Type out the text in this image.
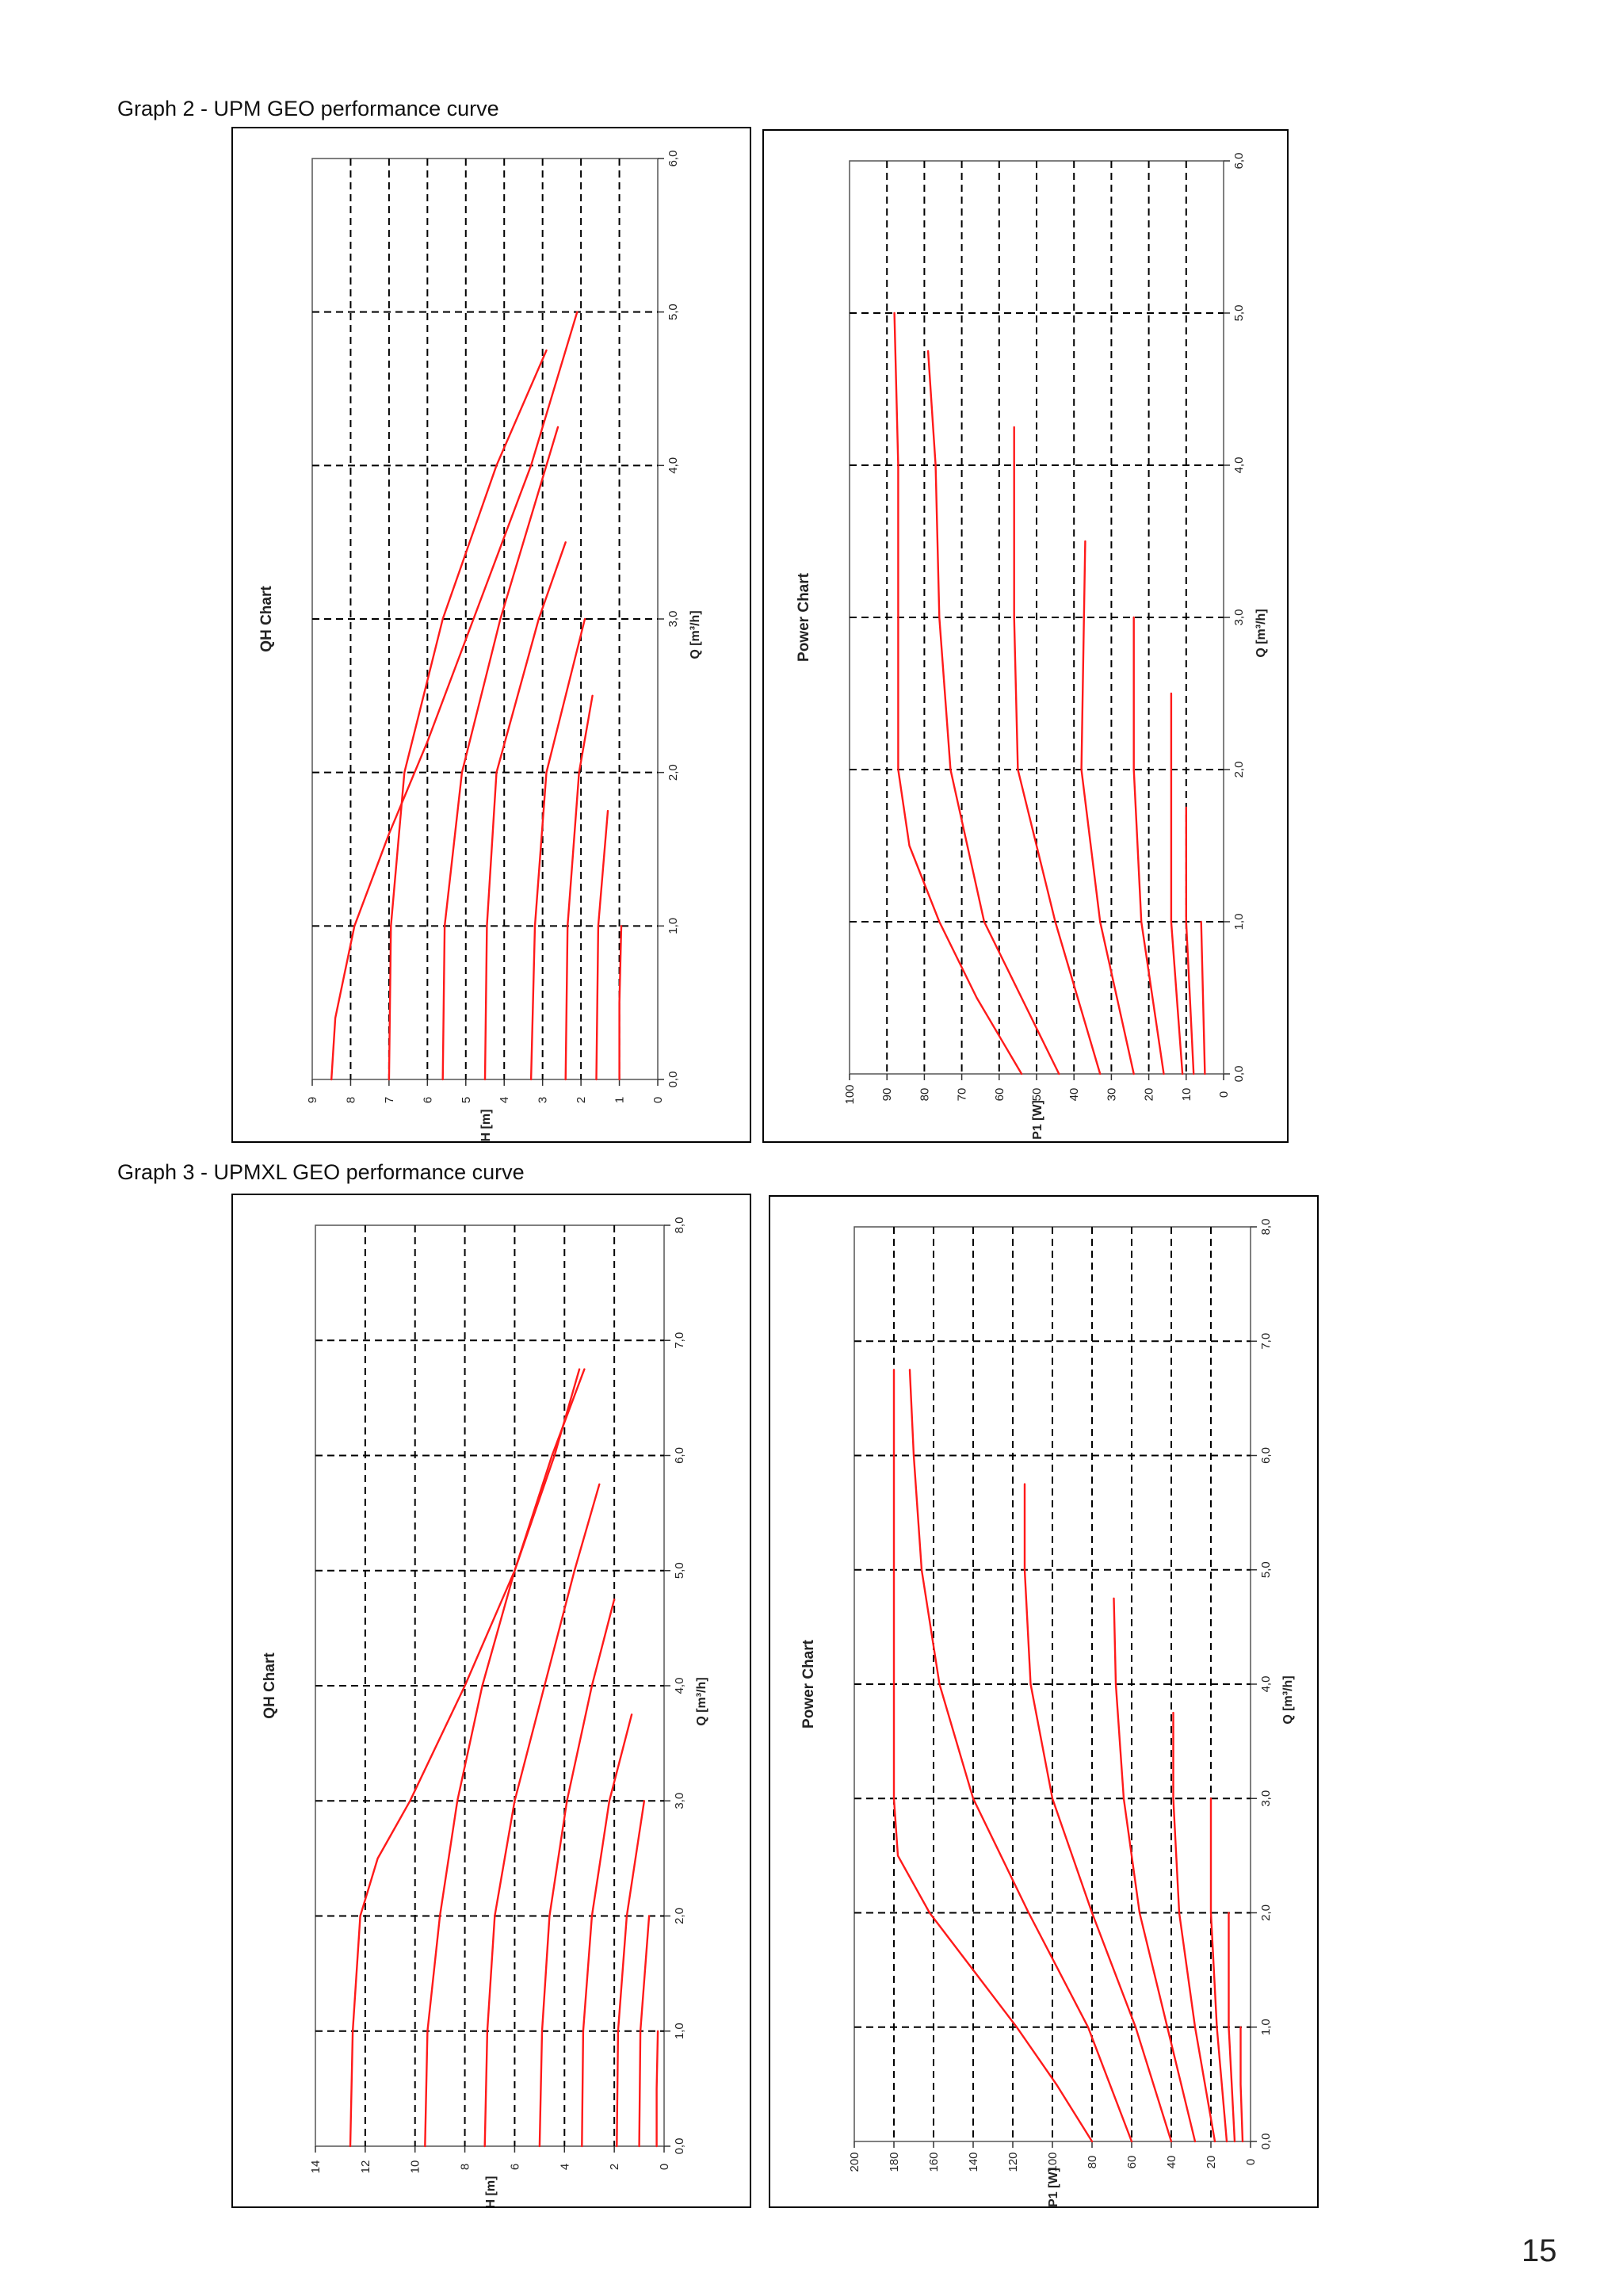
Graph 2 - UPM GEO performance curve
0,0
1,0
2,0
3,0
4,0
5,0
6,0
0
1
2
3
4
5
6
7
8
9
QH Chart	Q [m³/h]
H [m]
0,0
1,0
2,0
3,0
4,0
5,0
6,0
0
10
20
30
40
50
60
70
80
90
100
Power Chart	Q [m³/h]
P1 [W]
Graph 3 - UPMXL GEO performance curve
0,0
1,0
2,0
3,0
4,0
5,0
6,0
7,0
8,0
0
2
4
6
8
10
12
14
QH Chart	Q [m³/h]
H [m]
0,0
1,0
2,0
3,0
4,0
5,0
6,0
7,0
8,0
0
20
40
60
80
100
120
140
160
180
200
Power Chart	Q [m³/h]
P1 [W]
15
